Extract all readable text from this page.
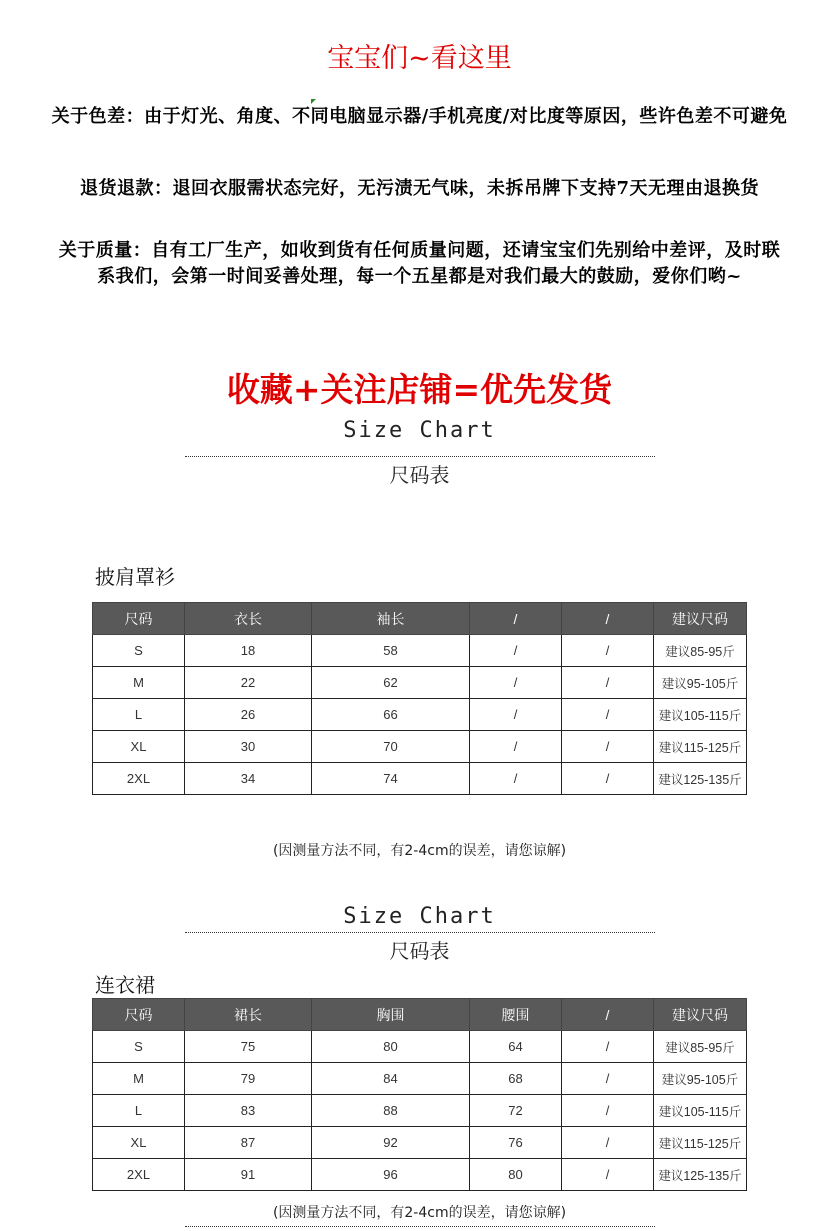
宝宝们~看这里
关于色差：由于灯光、角度、不同电脑显示器/手机亮度/对比度等原因，些许色差不可避免
退货退款：退回衣服需状态完好，无污渍无气味，未拆吊牌下支持7天无理由退换货
关于质量：自有工厂生产，如收到货有任何质量问题，还请宝宝们先别给中差评，及时联
系我们，会第一时间妥善处理，每一个五星都是对我们最大的鼓励，爱你们哟~
收藏+关注店铺=优先发货
Size Chart
尺码表
披肩罩衫
尺码	衣长	袖长	/	/	建议尺码
S	18	58	/	/	建议85-95斤
M	22	62	/	/	建议95-105斤
L	26	66	/	/	建议105-115斤
XL	30	70	/	/	建议115-125斤
2XL	34	74	/	/	建议125-135斤
(因测量方法不同，有2-4cm的误差，请您谅解)
Size Chart
尺码表
连衣裙
尺码	裙长	胸围	腰围	/	建议尺码
S	75	80	64	/	建议85-95斤
M	79	84	68	/	建议95-105斤
L	83	88	72	/	建议105-115斤
XL	87	92	76	/	建议115-125斤
2XL	91	96	80	/	建议125-135斤
(因测量方法不同，有2-4cm的误差，请您谅解)
